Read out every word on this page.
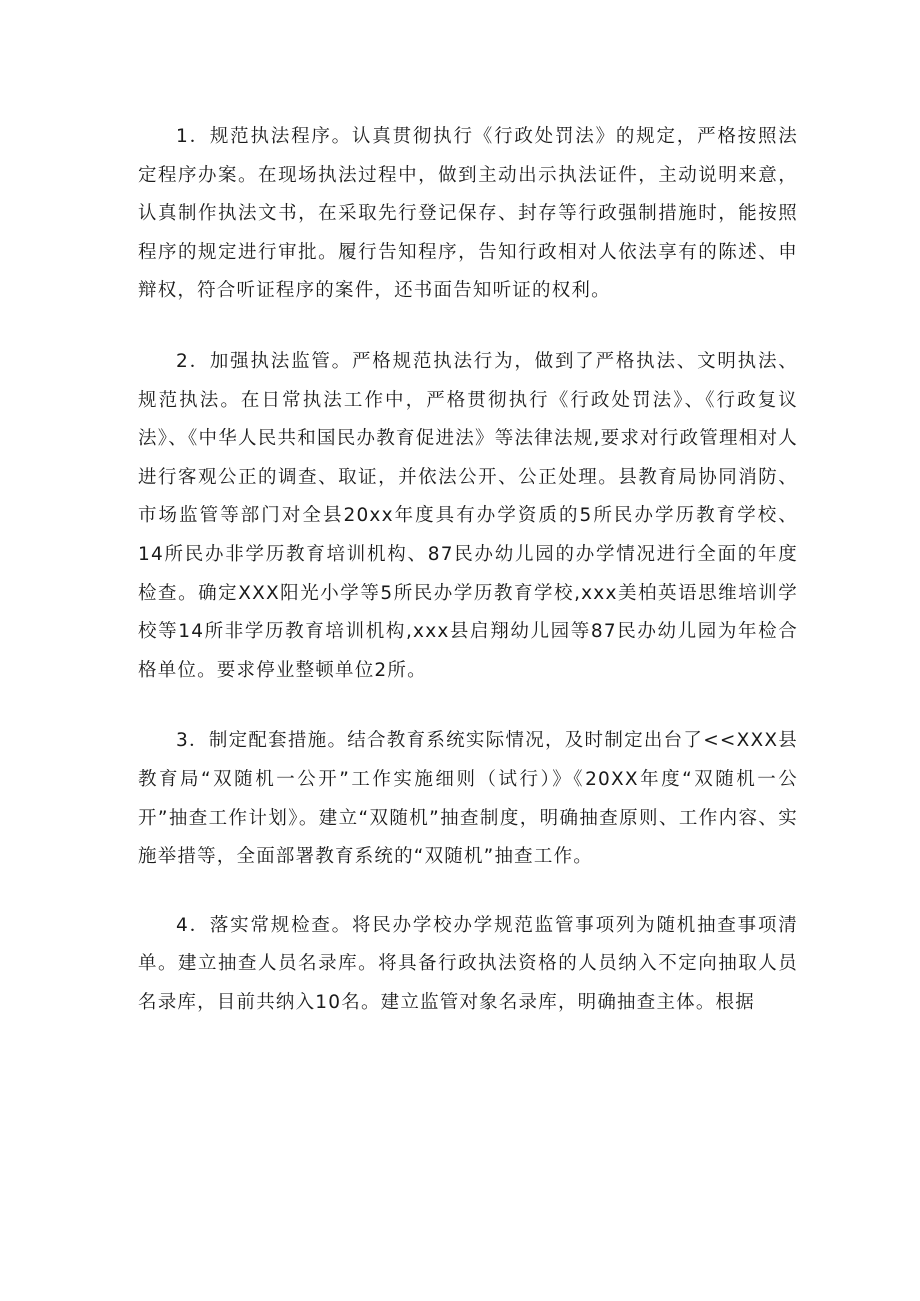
1．规范执法程序。认真贯彻执行《行政处罚法》的规定，严格按照法定程序办案。在现场执法过程中，做到主动出示执法证件，主动说明来意，认真制作执法文书，在采取先行登记保存、封存等行政强制措施时，能按照程序的规定进行审批。履行告知程序，告知行政相对人依法享有的陈述、申辩权，符合听证程序的案件，还书面告知听证的权利。

2．加强执法监管。严格规范执法行为，做到了严格执法、文明执法、规范执法。在日常执法工作中，严格贯彻执行《行政处罚法》、《行政复议法》、《中华人民共和国民办教育促进法》等法律法规,要求对行政管理相对人进行客观公正的调查、取证，并依法公开、公正处理。县教育局协同消防、市场监管等部门对全县20xx年度具有办学资质的5所民办学历教育学校、14所民办非学历教育培训机构、87民办幼儿园的办学情况进行全面的年度检查。确定XXX阳光小学等5所民办学历教育学校,xxx美柏英语思维培训学校等14所非学历教育培训机构,xxx县启翔幼儿园等87民办幼儿园为年检合格单位。要求停业整顿单位2所。

3．制定配套措施。结合教育系统实际情况，及时制定出台了<<XXX县教育局“双随机一公开”工作实施细则（试行）》《20XX年度“双随机一公开”抽查工作计划》。建立“双随机”抽查制度，明确抽查原则、工作内容、实施举措等，全面部署教育系统的“双随机”抽查工作。

4．落实常规检查。将民办学校办学规范监管事项列为随机抽查事项清单。建立抽查人员名录库。将具备行政执法资格的人员纳入不定向抽取人员名录库，目前共纳入10名。建立监管对象名录库，明确抽查主体。根据
